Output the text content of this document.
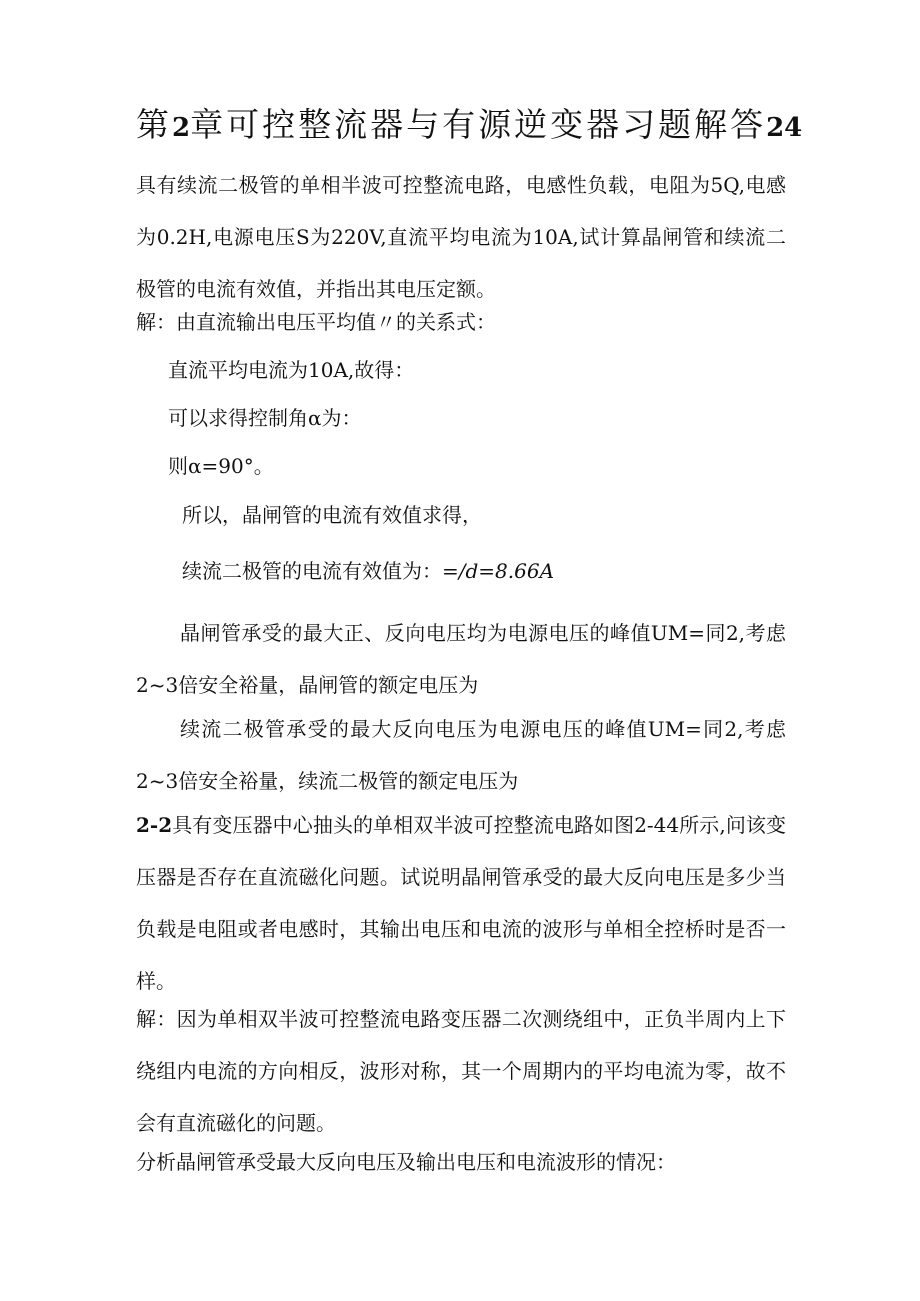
第2章可控整流器与有源逆变器习题解答24

具有续流二极管的单相半波可控整流电路，电感性负载，电阻为5Q,电感为0.2H,电源电压S为220V,直流平均电流为10A,试计算晶闸管和续流二极管的电流有效值，并指出其电压定额。

解：由直流输出电压平均值〃的关系式：

直流平均电流为10A,故得：

可以求得控制角α为：

则α=90°。

所以，晶闸管的电流有效值求得，

续流二极管的电流有效值为：=/d=8.66A

晶闸管承受的最大正、反向电压均为电源电压的峰值UM=同2,考虑2~3倍安全裕量，晶闸管的额定电压为

续流二极管承受的最大反向电压为电源电压的峰值UM=同2,考虑2~3倍安全裕量，续流二极管的额定电压为

2-2具有变压器中心抽头的单相双半波可控整流电路如图2-44所示,问该变压器是否存在直流磁化问题。试说明晶闸管承受的最大反向电压是多少当负载是电阻或者电感时，其输出电压和电流的波形与单相全控桥时是否一样。

解：因为单相双半波可控整流电路变压器二次测绕组中，正负半周内上下绕组内电流的方向相反，波形对称，其一个周期内的平均电流为零，故不会有直流磁化的问题。

分析晶闸管承受最大反向电压及输出电压和电流波形的情况：
